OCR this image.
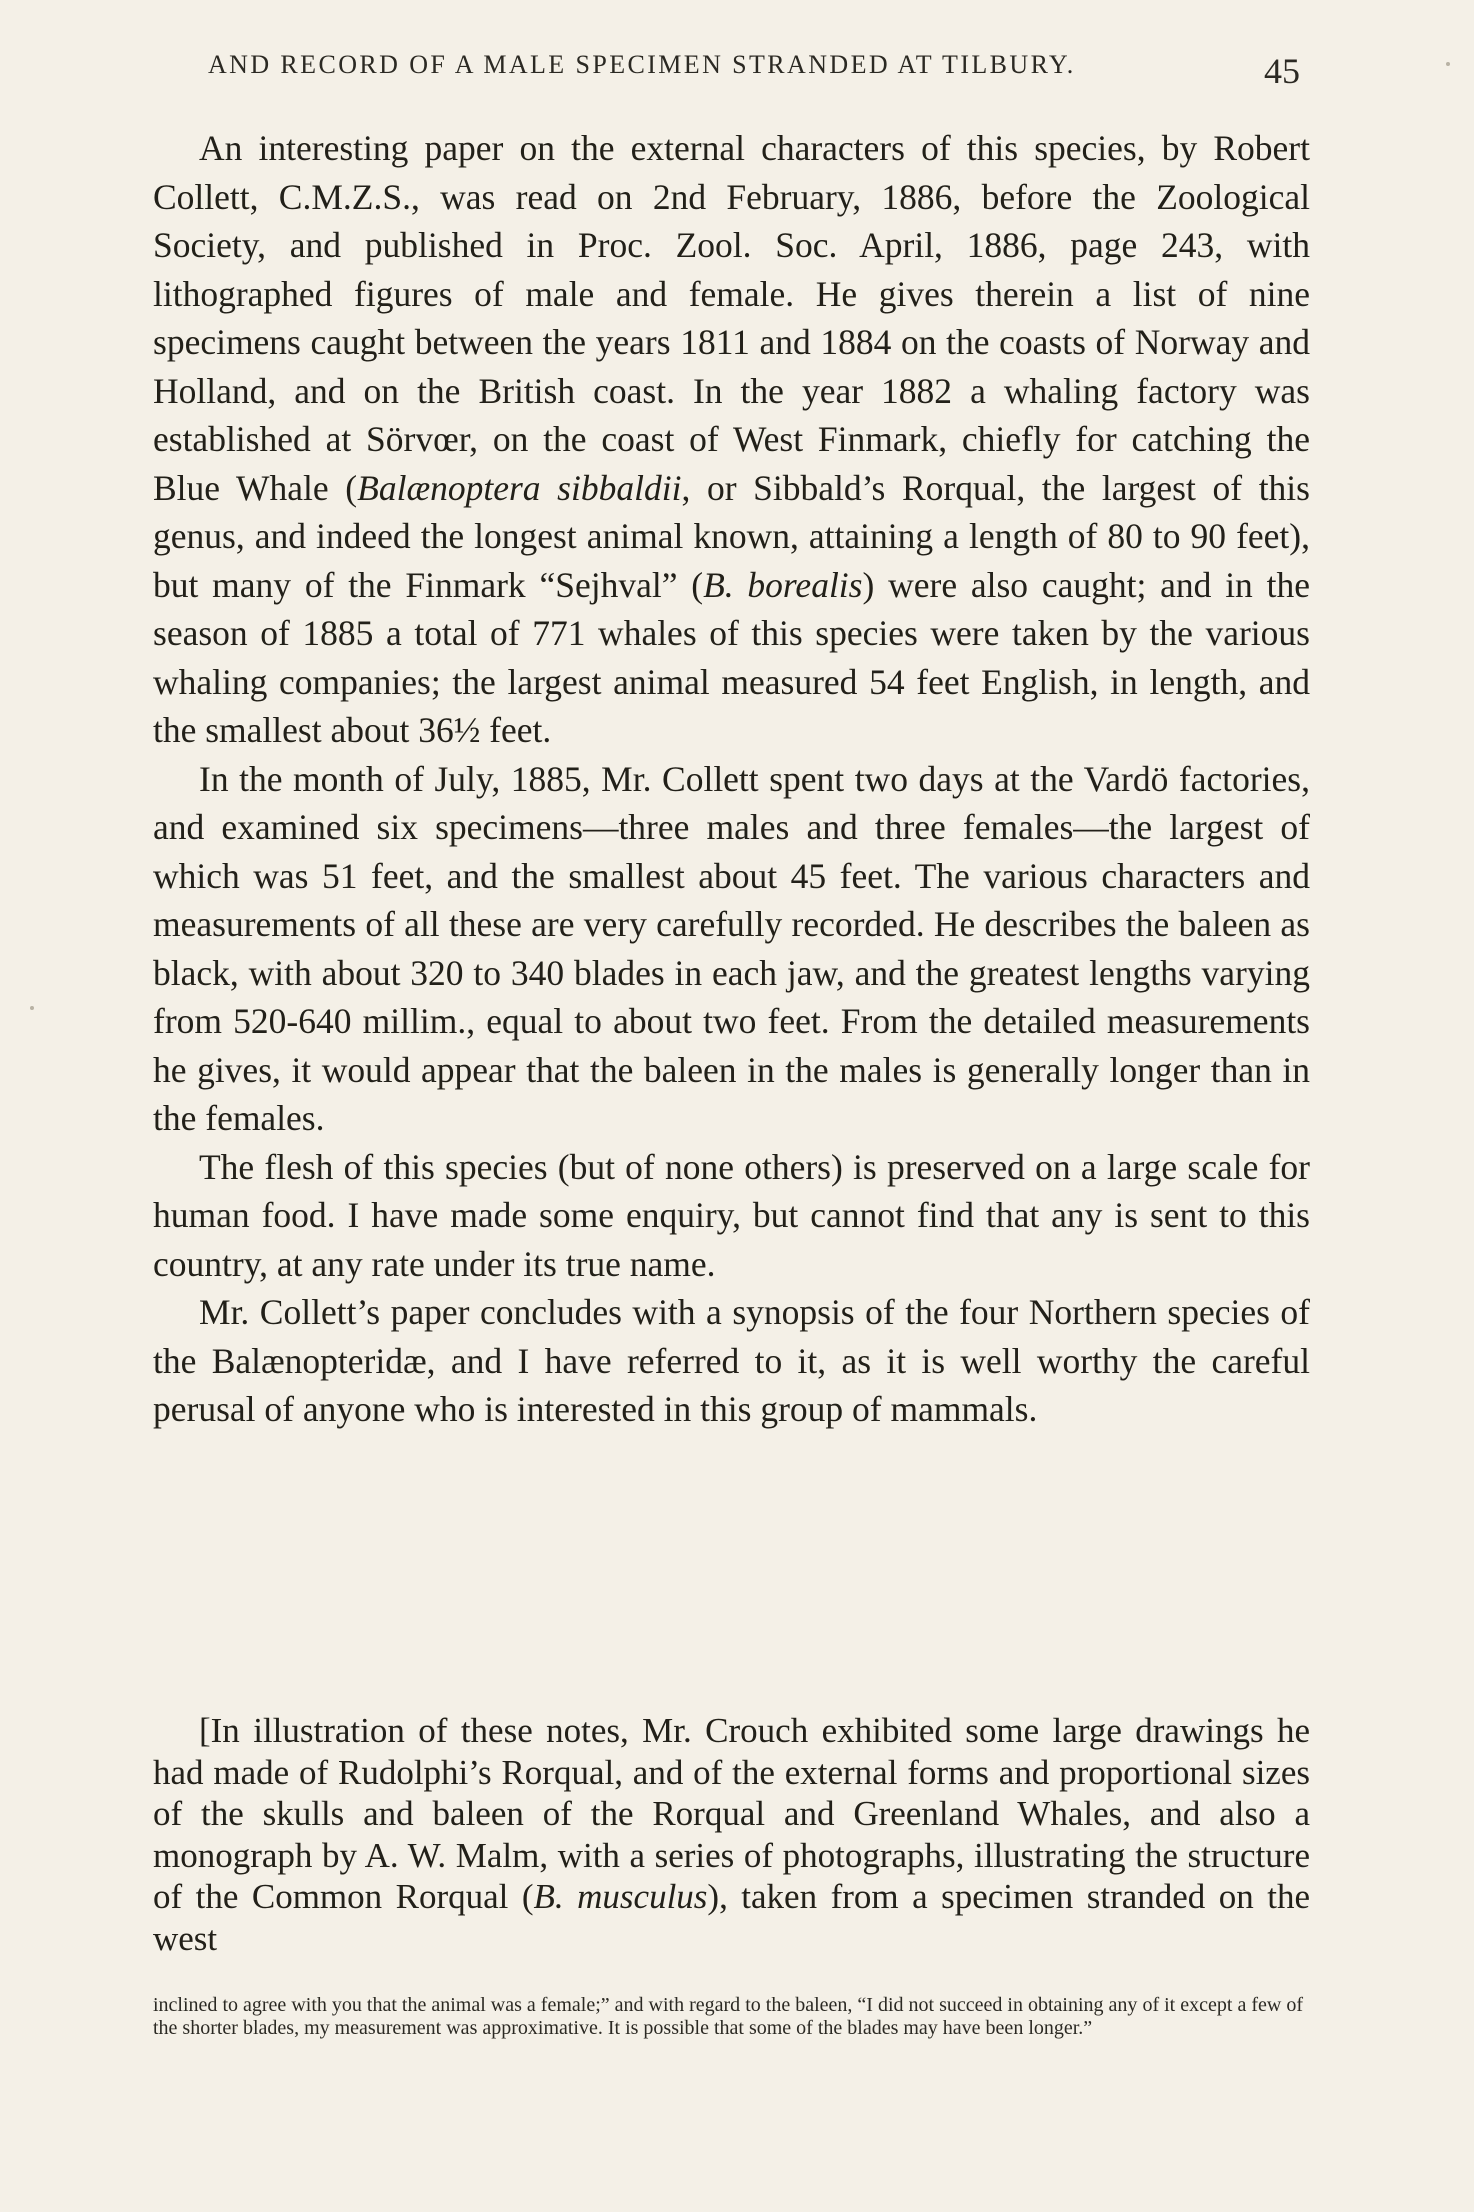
AND RECORD OF A MALE SPECIMEN STRANDED AT TILBURY.	45

An interesting paper on the external characters of this species, by Robert Collett, C.M.Z.S., was read on 2nd February, 1886, before the Zoological Society, and published in Proc. Zool. Soc. April, 1886, page 243, with lithographed figures of male and female. He gives therein a list of nine specimens caught between the years 1811 and 1884 on the coasts of Norway and Holland, and on the British coast. In the year 1882 a whaling factory was established at Sörvœr, on the coast of West Finmark, chiefly for catching the Blue Whale (Balænoptera sibbaldii, or Sibbald’s Rorqual, the largest of this genus, and indeed the longest animal known, attaining a length of 80 to 90 feet), but many of the Finmark “Sejhval” (B. borealis) were also caught; and in the season of 1885 a total of 771 whales of this species were taken by the various whaling companies; the largest animal measured 54 feet English, in length, and the smallest about 36½ feet.

In the month of July, 1885, Mr. Collett spent two days at the Vardö factories, and examined six specimens—three males and three females—the largest of which was 51 feet, and the smallest about 45 feet. The various characters and measurements of all these are very carefully recorded. He describes the baleen as black, with about 320 to 340 blades in each jaw, and the greatest lengths varying from 520-640 millim., equal to about two feet. From the detailed measurements he gives, it would appear that the baleen in the males is generally longer than in the females.

The flesh of this species (but of none others) is preserved on a large scale for human food. I have made some enquiry, but cannot find that any is sent to this country, at any rate under its true name.

Mr. Collett’s paper concludes with a synopsis of the four Northern species of the Balænopteridæ, and I have referred to it, as it is well worthy the careful perusal of anyone who is interested in this group of mammals.

[In illustration of these notes, Mr. Crouch exhibited some large drawings he had made of Rudolphi’s Rorqual, and of the external forms and proportional sizes of the skulls and baleen of the Rorqual and Greenland Whales, and also a monograph by A. W. Malm, with a series of photographs, illustrating the structure of the Common Rorqual (B. musculus), taken from a specimen stranded on the west

inclined to agree with you that the animal was a female;” and with regard to the baleen, “I did not succeed in obtaining any of it except a few of the shorter blades, my measurement was approximative. It is possible that some of the blades may have been longer.”
